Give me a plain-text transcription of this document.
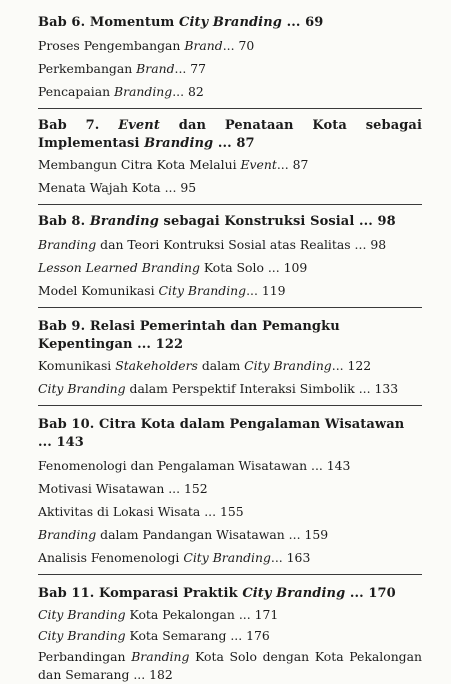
Bab 6. Momentum City Branding ... 69

Proses Pengembangan Brand... 70

Perkembangan Brand... 77

Pencapaian Branding... 82

Bab 7. Event dan Penataan Kota sebagai Implementasi Branding ... 87

Membangun Citra Kota Melalui Event... 87

Menata Wajah Kota ... 95

Bab 8. Branding sebagai Konstruksi Sosial ... 98

Branding dan Teori Kontruksi Sosial atas Realitas ... 98

Lesson Learned Branding Kota Solo ... 109

Model Komunikasi City Branding... 119

Bab 9. Relasi Pemerintah dan Pemangku Kepentingan ... 122

Komunikasi Stakeholders dalam City Branding... 122

City Branding dalam Perspektif Interaksi Simbolik ... 133

Bab 10. Citra Kota dalam Pengalaman Wisatawan ... 143

Fenomenologi dan Pengalaman Wisatawan ... 143

Motivasi Wisatawan ... 152

Aktivitas di Lokasi Wisata ... 155

Branding dalam Pandangan Wisatawan ... 159

Analisis Fenomenologi City Branding... 163

Bab 11. Komparasi Praktik City Branding ... 170

City Branding Kota Pekalongan ... 171

City Branding Kota Semarang ... 176

Perbandingan Branding Kota Solo dengan Kota Pekalongan dan Semarang ... 182
